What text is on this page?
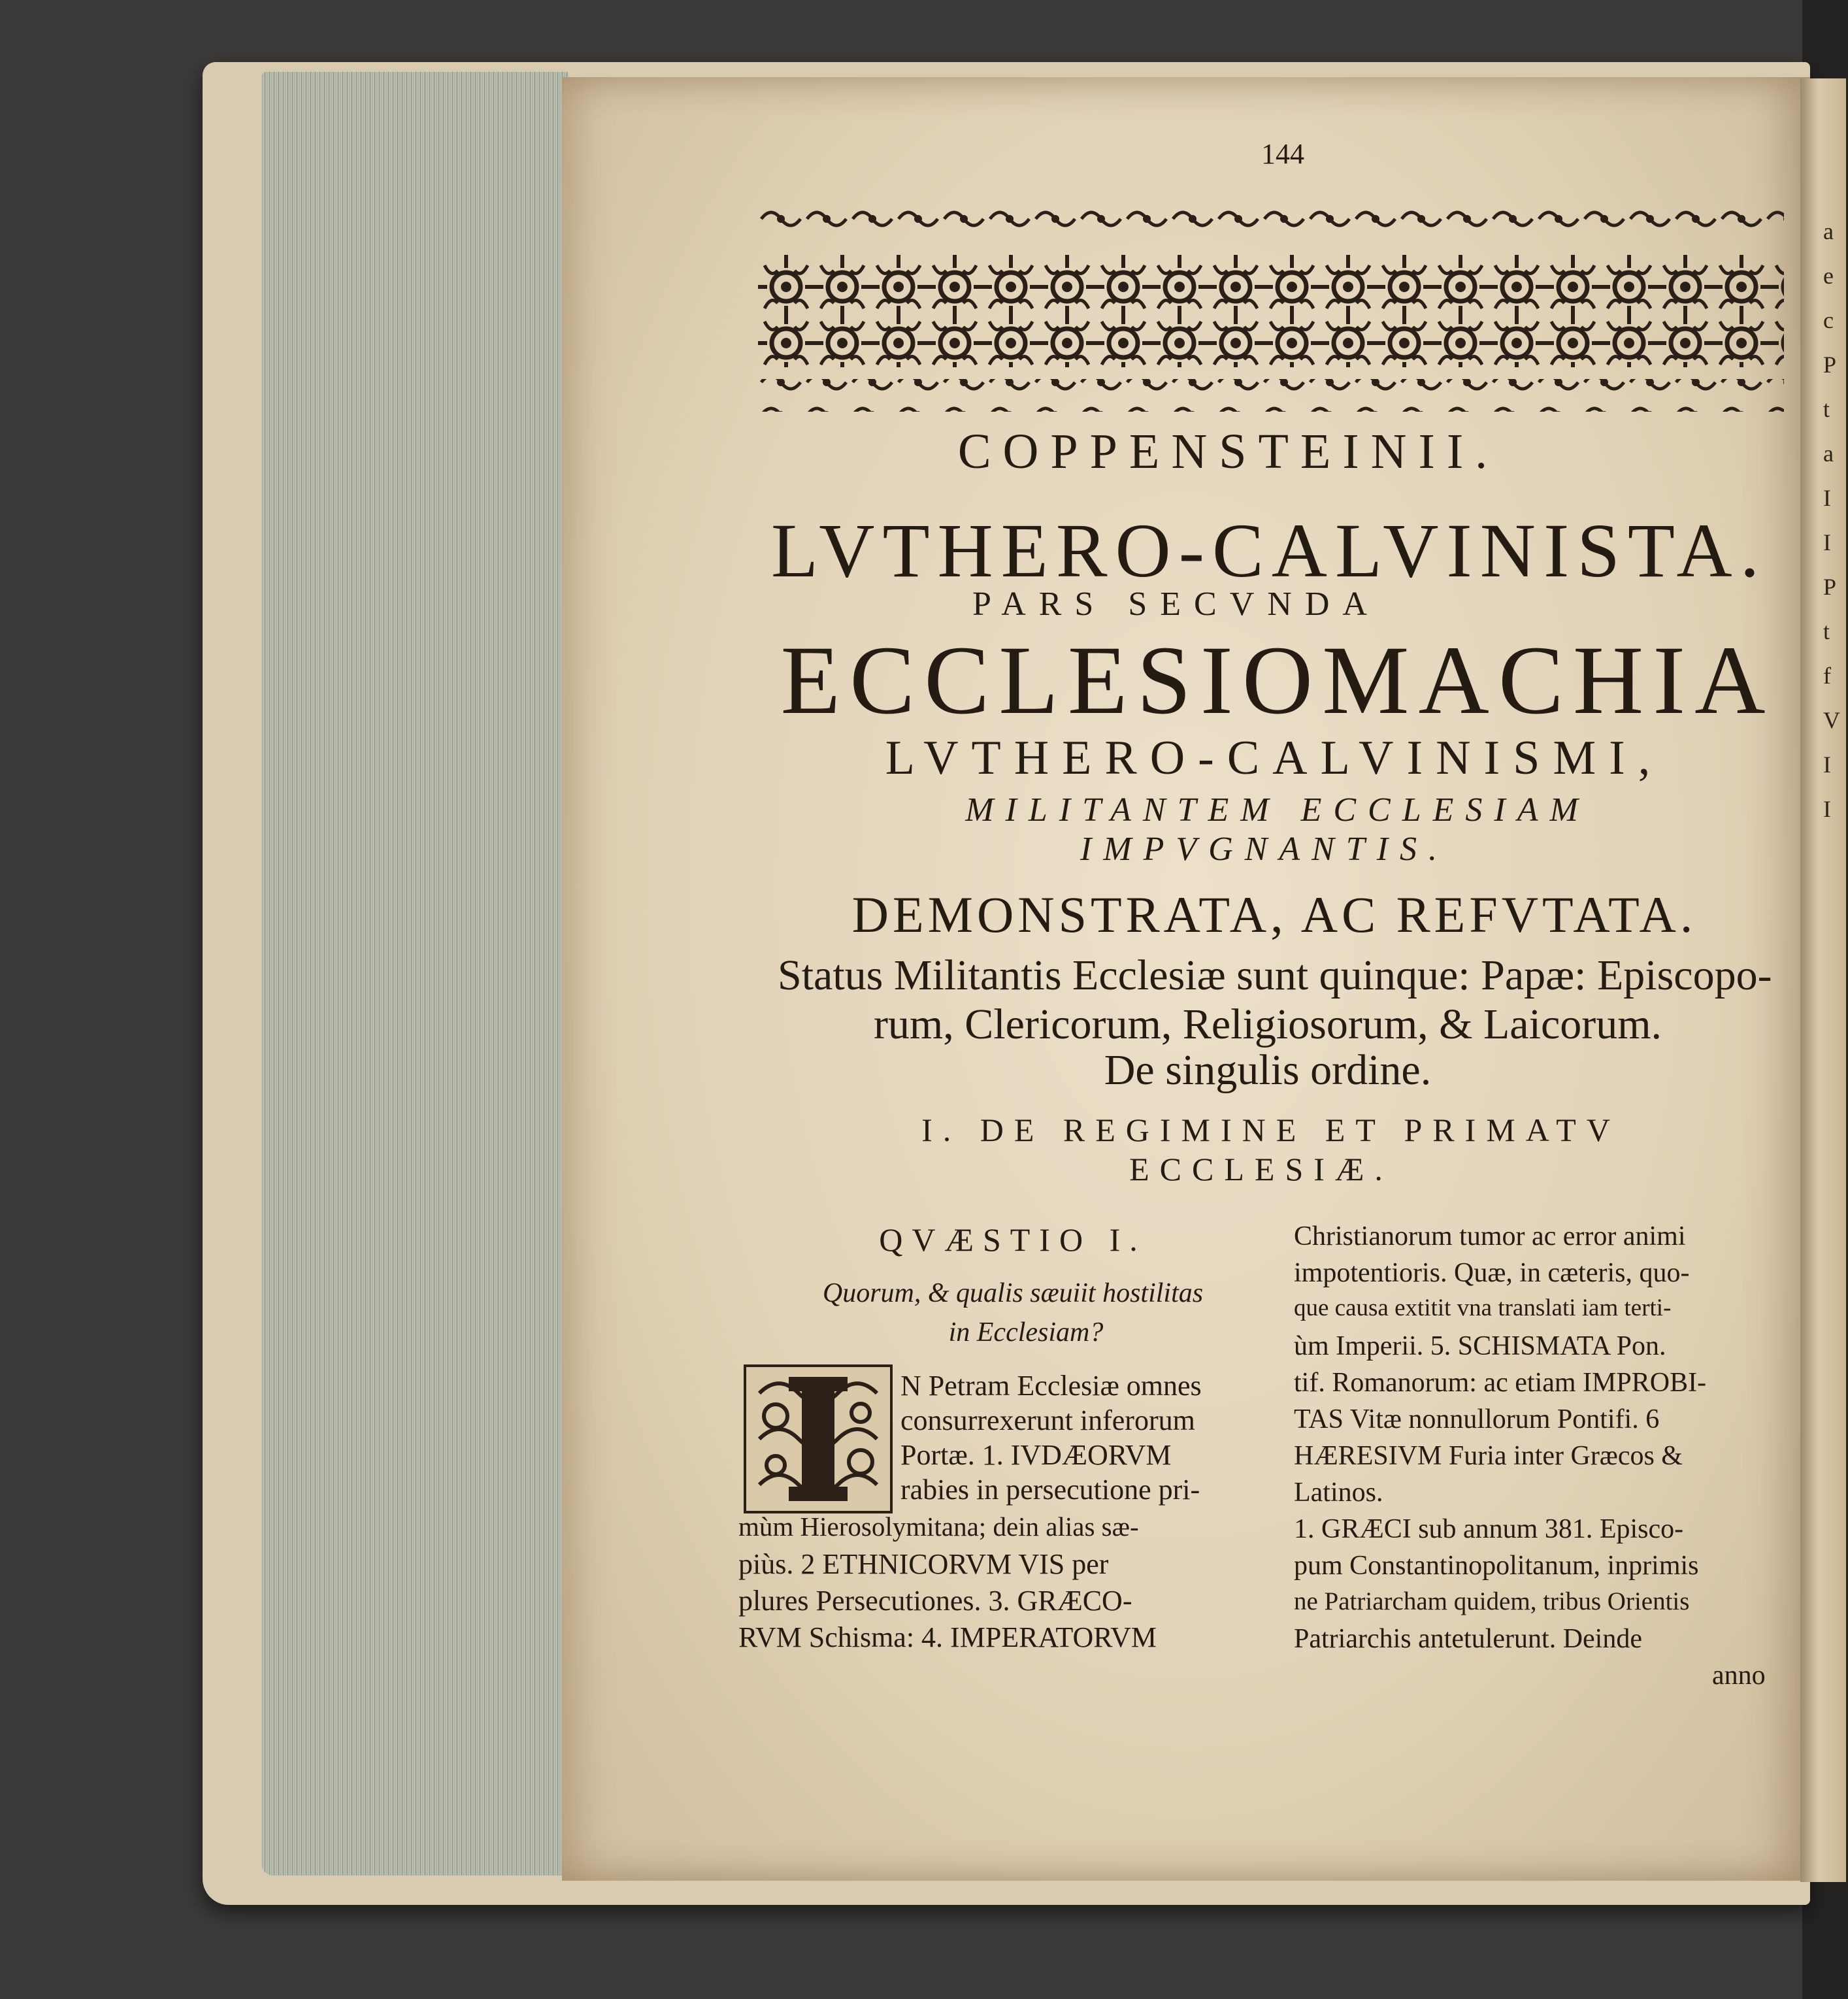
a
e
c
P
t
a
I
I
P
t
f
V
I
I
144
COPPENSTEINII.
LVTHERO-CALVINISTA.
PARS SECVNDA
ECCLESIOMACHIA
LVTHERO-CALVINISMI,
MILITANTEM ECCLESIAM
IMPVGNANTIS.
DEMONSTRATA, AC REFVTATA.
Status Militantis Ecclesiæ sunt quinque: Papæ: Episcopo-
rum, Clericorum, Religiosorum, & Laicorum.
De singulis ordine.
I. DE REGIMINE ET PRIMATV
ECCLESIÆ.
QVÆSTIO I.
Quorum, & qualis sæuiit hostilitas
in Ecclesiam?
N Petram Ecclesiæ omnes
consurrexerunt inferorum
Portæ. 1. IVDÆORVM
rabies in persecutione pri-
mùm Hierosolymitana; dein alias sæ-
piùs. 2 ETHNICORVM VIS per
plures Persecutiones. 3. GRÆCO-
RVM Schisma: 4. IMPERATORVM
Christianorum tumor ac error animi
impotentioris. Quæ, in cæteris, quo-
que causa extitit vna translati iam terti-
ùm Imperii. 5. SCHISMATA Pon.
tif. Romanorum: ac etiam IMPROBI-
TAS Vitæ nonnullorum Pontifi. 6
HÆRESIVM Furia inter Græcos &
Latinos.
1. GRÆCI sub annum 381. Episco-
pum Constantinopolitanum, inprimis
ne Patriarcham quidem, tribus Orientis
Patriarchis antetulerunt. Deinde
anno
